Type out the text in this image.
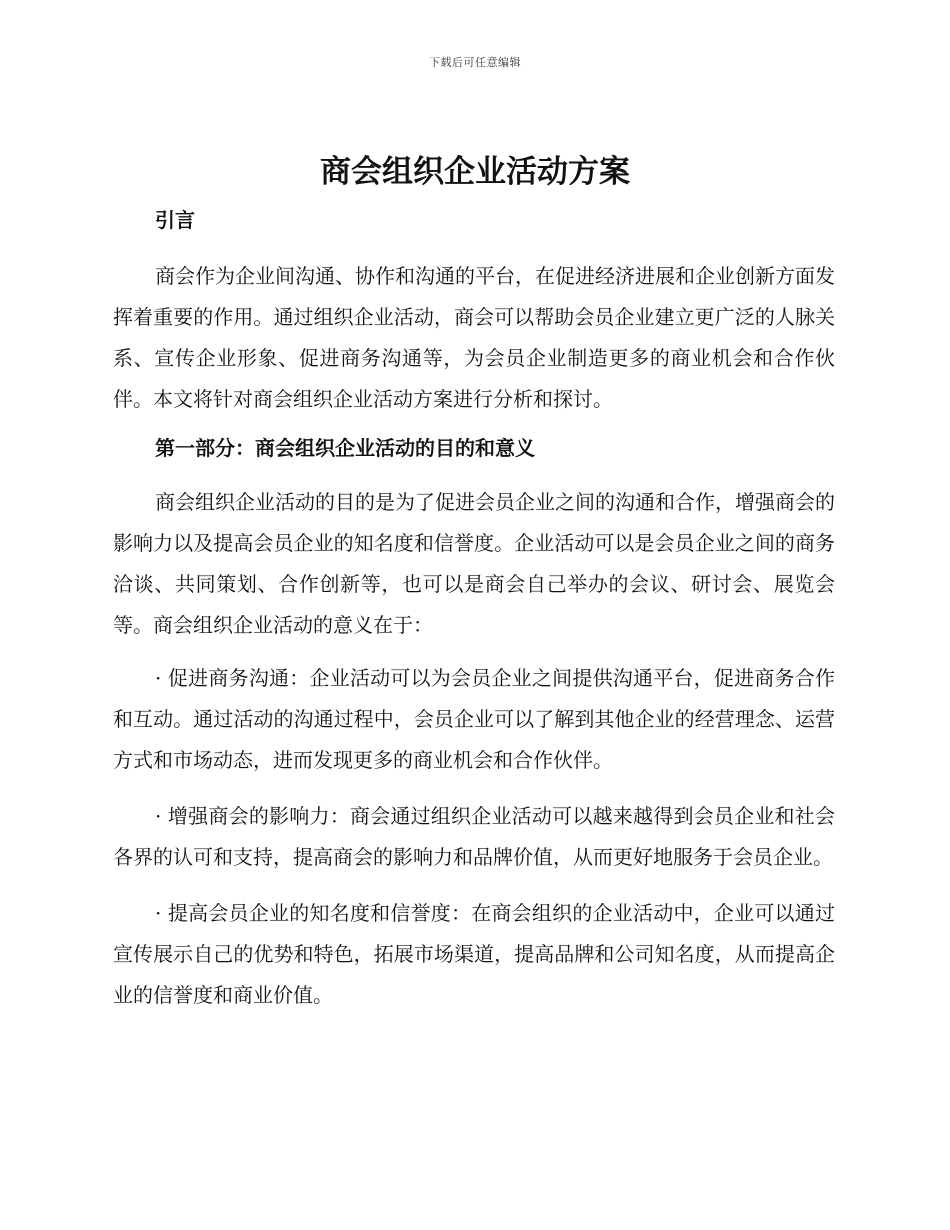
下载后可任意编辑
商会组织企业活动方案
引言

商会作为企业间沟通、协作和沟通的平台，在促进经济进展和企业创新方面发挥着重要的作用。通过组织企业活动，商会可以帮助会员企业建立更广泛的人脉关系、宣传企业形象、促进商务沟通等，为会员企业制造更多的商业机会和合作伙伴。本文将针对商会组织企业活动方案进行分析和探讨。

第一部分：商会组织企业活动的目的和意义

商会组织企业活动的目的是为了促进会员企业之间的沟通和合作，增强商会的影响力以及提高会员企业的知名度和信誉度。企业活动可以是会员企业之间的商务洽谈、共同策划、合作创新等，也可以是商会自己举办的会议、研讨会、展览会等。商会组织企业活动的意义在于：

· 促进商务沟通：企业活动可以为会员企业之间提供沟通平台，促进商务合作和互动。通过活动的沟通过程中，会员企业可以了解到其他企业的经营理念、运营方式和市场动态，进而发现更多的商业机会和合作伙伴。

· 增强商会的影响力：商会通过组织企业活动可以越来越得到会员企业和社会各界的认可和支持，提高商会的影响力和品牌价值，从而更好地服务于会员企业。

· 提高会员企业的知名度和信誉度：在商会组织的企业活动中，企业可以通过宣传展示自己的优势和特色，拓展市场渠道，提高品牌和公司知名度，从而提高企业的信誉度和商业价值。
